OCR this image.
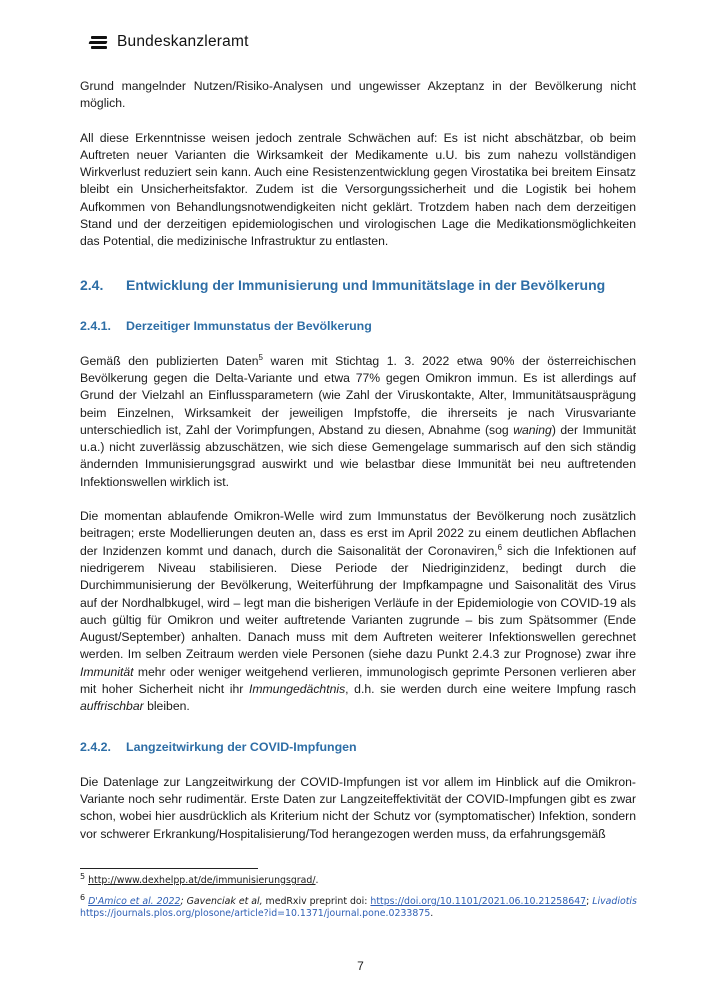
Bundeskanzleramt

Grund mangelnder Nutzen/Risiko-Analysen und ungewisser Akzeptanz in der Bevölkerung nicht möglich.

All diese Erkenntnisse weisen jedoch zentrale Schwächen auf: Es ist nicht abschätzbar, ob beim Auftreten neuer Varianten die Wirksamkeit der Medikamente u.U. bis zum nahezu vollständigen Wirkverlust reduziert sein kann. Auch eine Resistenzentwicklung gegen Virostatika bei breitem Einsatz bleibt ein Unsicherheitsfaktor. Zudem ist die Versorgungssicherheit und die Logistik bei hohem Aufkommen von Behandlungsnotwendigkeiten nicht geklärt. Trotzdem haben nach dem derzeitigen Stand und der derzeitigen epidemiologischen und virologischen Lage die Medikationsmöglichkeiten das Potential, die medizinische Infrastruktur zu entlasten.

2.4.	Entwicklung der Immunisierung und Immunitätslage in der Bevölkerung
2.4.1.	Derzeitiger Immunstatus der Bevölkerung

Gemäß den publizierten Daten$^5$ waren mit Stichtag 1. 3. 2022 etwa 90% der österreichischen Bevölkerung gegen die Delta-Variante und etwa 77% gegen Omikron immun. Es ist allerdings auf Grund der Vielzahl an Einflussparametern (wie Zahl der Viruskontakte, Alter, Immunitätsausprägung beim Einzelnen, Wirksamkeit der jeweiligen Impfstoffe, die ihrerseits je nach Virusvariante unterschiedlich ist, Zahl der Vorimpfungen, Abstand zu diesen, Abnahme (sog waning) der Immunität u.a.) nicht zuverlässig abzuschätzen, wie sich diese Gemengelage summarisch auf den sich ständig ändernden Immunisierungsgrad auswirkt und wie belastbar diese Immunität bei neu auftretenden Infektionswellen wirklich ist.

Die momentan ablaufende Omikron-Welle wird zum Immunstatus der Bevölkerung noch zusätzlich beitragen; erste Modellierungen deuten an, dass es erst im April 2022 zu einem deutlichen Abflachen der Inzidenzen kommt und danach, durch die Saisonalität der Coronaviren,$^6$ sich die Infektionen auf niedrigerem Niveau stabilisieren. Diese Periode der Niedriginzidenz, bedingt durch die Durchimmunisierung der Bevölkerung, Weiterführung der Impfkampagne und Saisonalität des Virus auf der Nordhalbkugel, wird – legt man die bisherigen Verläufe in der Epidemiologie von COVID-19 als auch gültig für Omikron und weiter auftretende Varianten zugrunde – bis zum Spätsommer (Ende August/September) anhalten. Danach muss mit dem Auftreten weiterer Infektionswellen gerechnet werden. Im selben Zeitraum werden viele Personen (siehe dazu Punkt 2.4.3 zur Prognose) zwar ihre Immunität mehr oder weniger weitgehend verlieren, immunologisch geprimte Personen verlieren aber mit hoher Sicherheit nicht ihr Immungedächtnis, d.h. sie werden durch eine weitere Impfung rasch auffrischbar bleiben.

2.4.2.	Langzeitwirkung der COVID-Impfungen

Die Datenlage zur Langzeitwirkung der COVID-Impfungen ist vor allem im Hinblick auf die Omikron-Variante noch sehr rudimentär. Erste Daten zur Langzeiteffektivität der COVID-Impfungen gibt es zwar schon, wobei hier ausdrücklich als Kriterium nicht der Schutz vor (symptomatischer) Infektion, sondern vor schwerer Erkrankung/Hospitalisierung/Tod herangezogen werden muss, da erfahrungsgemäß

$^5$ http://www.dexhelpp.at/de/immunisierungsgrad/.
$^6$ D'Amico et al. 2022; Gavenciak et al, medRxiv preprint doi: https://doi.org/10.1101/2021.06.10.21258647; Livadiotis https://journals.plos.org/plosone/article?id=10.1371/journal.pone.0233875.
7
